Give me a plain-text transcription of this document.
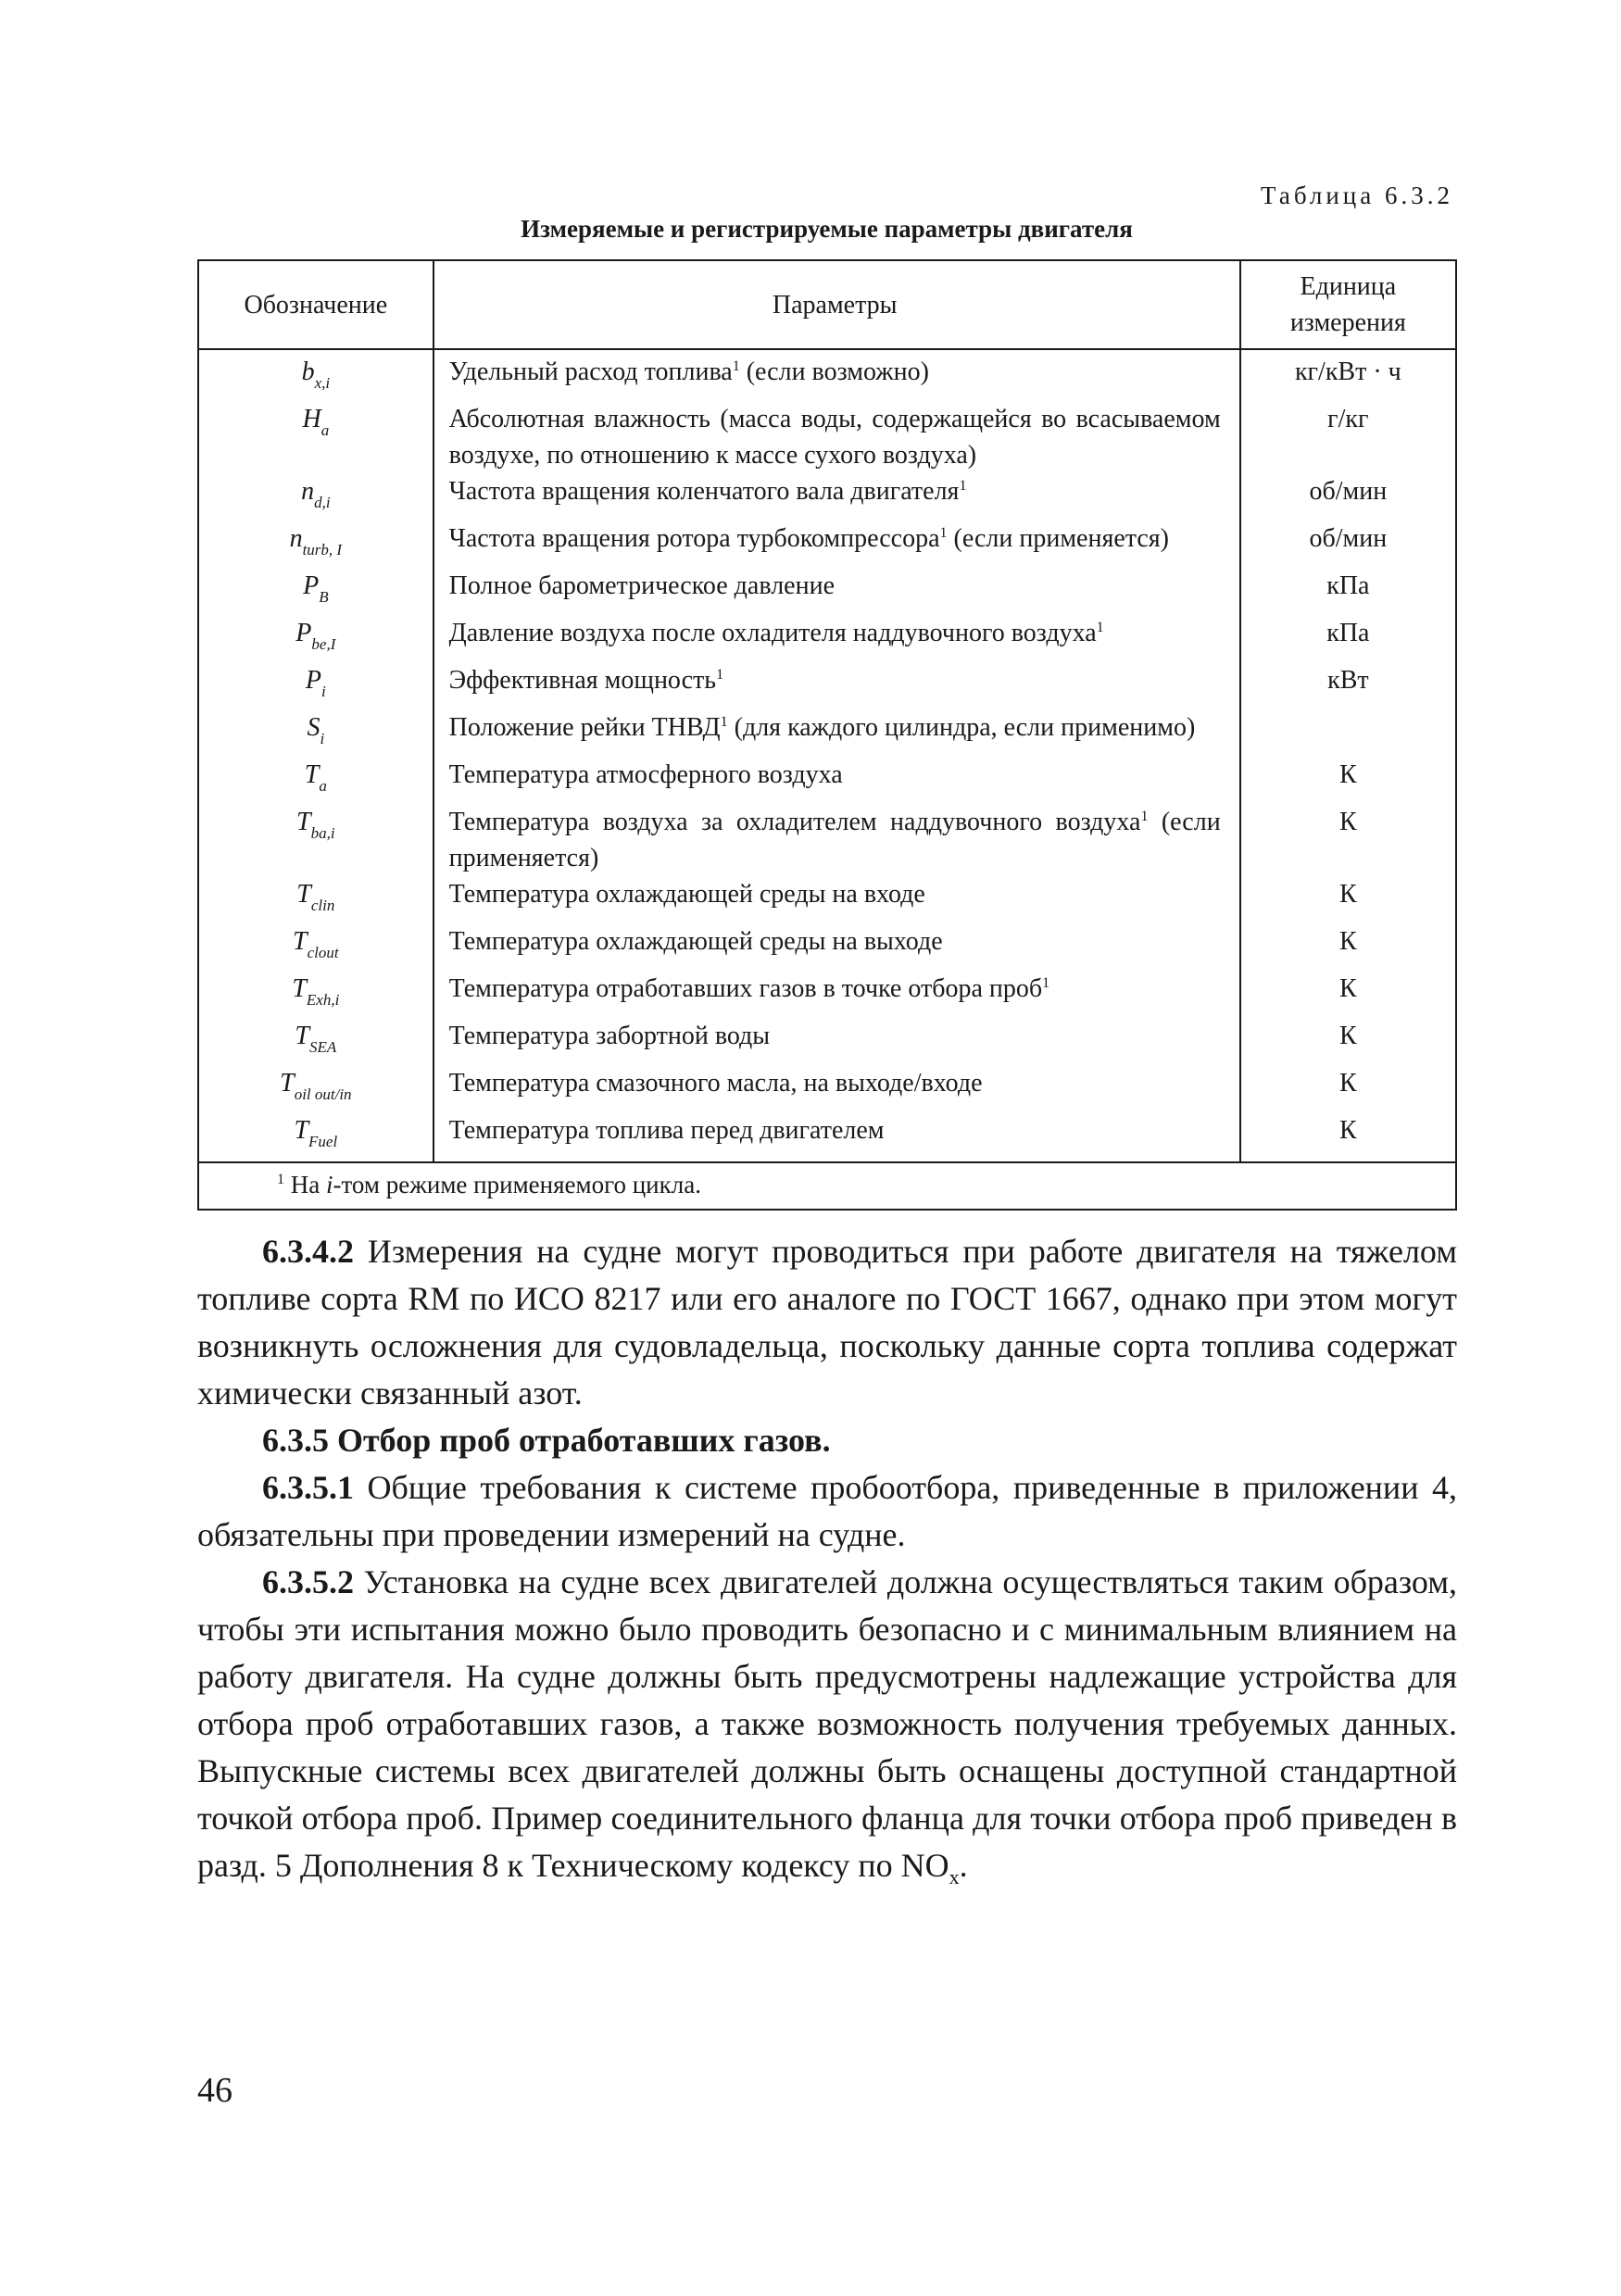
Таблица 6.3.2
Измеряемые и регистрируемые параметры двигателя
Обозначение	Параметры	Единица измерения
$b_{x,i}$	Удельный расход топлива$^1$ (если возможно)	кг/кВт · ч
$H_a$	Абсолютная влажность (масса воды, содержащейся во всасываемом воздухе, по отношению к массе сухого воздуха)	г/кг
$n_{d,i}$	Частота вращения коленчатого вала двигателя$^1$	об/мин
$n_{turb, I}$	Частота вращения ротора турбокомпрессора$^1$ (если применяется)	об/мин
$P_B$	Полное барометрическое давление	кПа
$P_{be,I}$	Давление воздуха после охладителя наддувочного воздуха$^1$	кПа
$P_i$	Эффективная мощность$^1$	кВт
$S_i$	Положение рейки ТНВД$^1$ (для каждого цилиндра, если применимо)	
$T_a$	Температура атмосферного воздуха	К
$T_{ba,i}$	Температура воздуха за охладителем наддувочного воздуха$^1$ (если применяется)	К
$T_{clin}$	Температура охлаждающей среды на входе	К
$T_{clout}$	Температура охлаждающей среды на выходе	К
$T_{Exh,i}$	Температура отработавших газов в точке отбора проб$^1$	К
$T_{SEA}$	Температура забортной воды	К
$T_{oil out/in}$	Температура смазочного масла, на выходе/входе	К
$T_{Fuel}$	Температура топлива перед двигателем	К
$^1$ На i-том режиме применяемого цикла.		

6.3.4.2 Измерения на судне могут проводиться при работе двигателя на тяжелом топливе сорта RM по ИСО 8217 или его аналоге по ГОСТ 1667, однако при этом могут возникнуть осложнения для судовладельца, поскольку данные сорта топлива содержат химически связанный азот.

6.3.5 Отбор проб отработавших газов.

6.3.5.1 Общие требования к системе пробоотбора, приведенные в приложении 4, обязательны при проведении измерений на судне.

6.3.5.2 Установка на судне всех двигателей должна осуществляться таким образом, чтобы эти испытания можно было проводить безопасно и с минимальным влиянием на работу двигателя. На судне должны быть предусмотрены надлежащие устройства для отбора проб отработавших газов, а также возможность получения требуемых данных. Выпускные системы всех двигателей должны быть оснащены доступной стандартной точкой отбора проб. Пример соединительного фланца для точки отбора проб приведен в разд. 5 Дополнения 8 к Техническому кодексу по $NO_x$.

46
